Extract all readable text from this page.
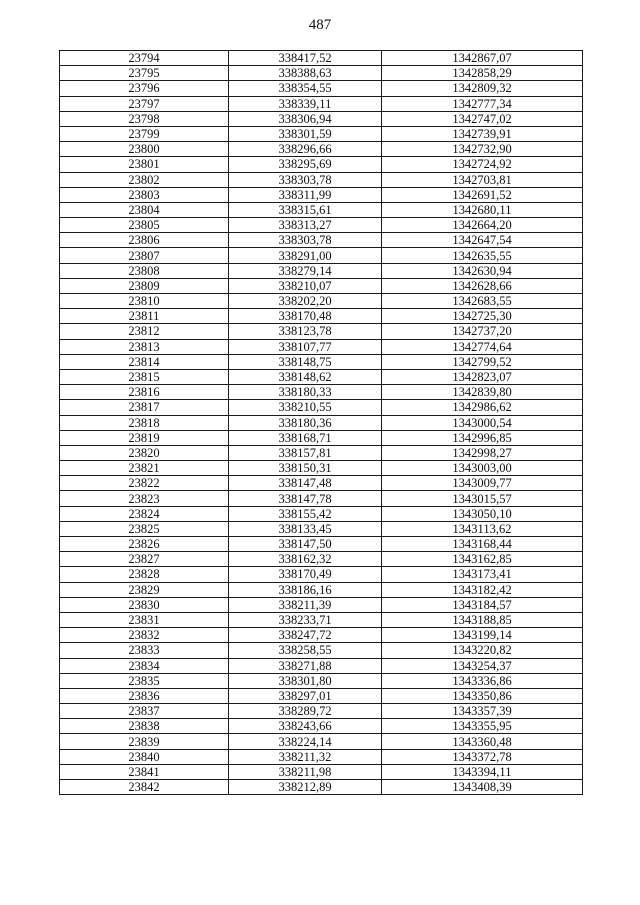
487
23794	338417,52	1342867,07
23795	338388,63	1342858,29
23796	338354,55	1342809,32
23797	338339,11	1342777,34
23798	338306,94	1342747,02
23799	338301,59	1342739,91
23800	338296,66	1342732,90
23801	338295,69	1342724,92
23802	338303,78	1342703,81
23803	338311,99	1342691,52
23804	338315,61	1342680,11
23805	338313,27	1342664,20
23806	338303,78	1342647,54
23807	338291,00	1342635,55
23808	338279,14	1342630,94
23809	338210,07	1342628,66
23810	338202,20	1342683,55
23811	338170,48	1342725,30
23812	338123,78	1342737,20
23813	338107,77	1342774,64
23814	338148,75	1342799,52
23815	338148,62	1342823,07
23816	338180,33	1342839,80
23817	338210,55	1342986,62
23818	338180,36	1343000,54
23819	338168,71	1342996,85
23820	338157,81	1342998,27
23821	338150,31	1343003,00
23822	338147,48	1343009,77
23823	338147,78	1343015,57
23824	338155,42	1343050,10
23825	338133,45	1343113,62
23826	338147,50	1343168,44
23827	338162,32	1343162,85
23828	338170,49	1343173,41
23829	338186,16	1343182,42
23830	338211,39	1343184,57
23831	338233,71	1343188,85
23832	338247,72	1343199,14
23833	338258,55	1343220,82
23834	338271,88	1343254,37
23835	338301,80	1343336,86
23836	338297,01	1343350,86
23837	338289,72	1343357,39
23838	338243,66	1343355,95
23839	338224,14	1343360,48
23840	338211,32	1343372,78
23841	338211,98	1343394,11
23842	338212,89	1343408,39
